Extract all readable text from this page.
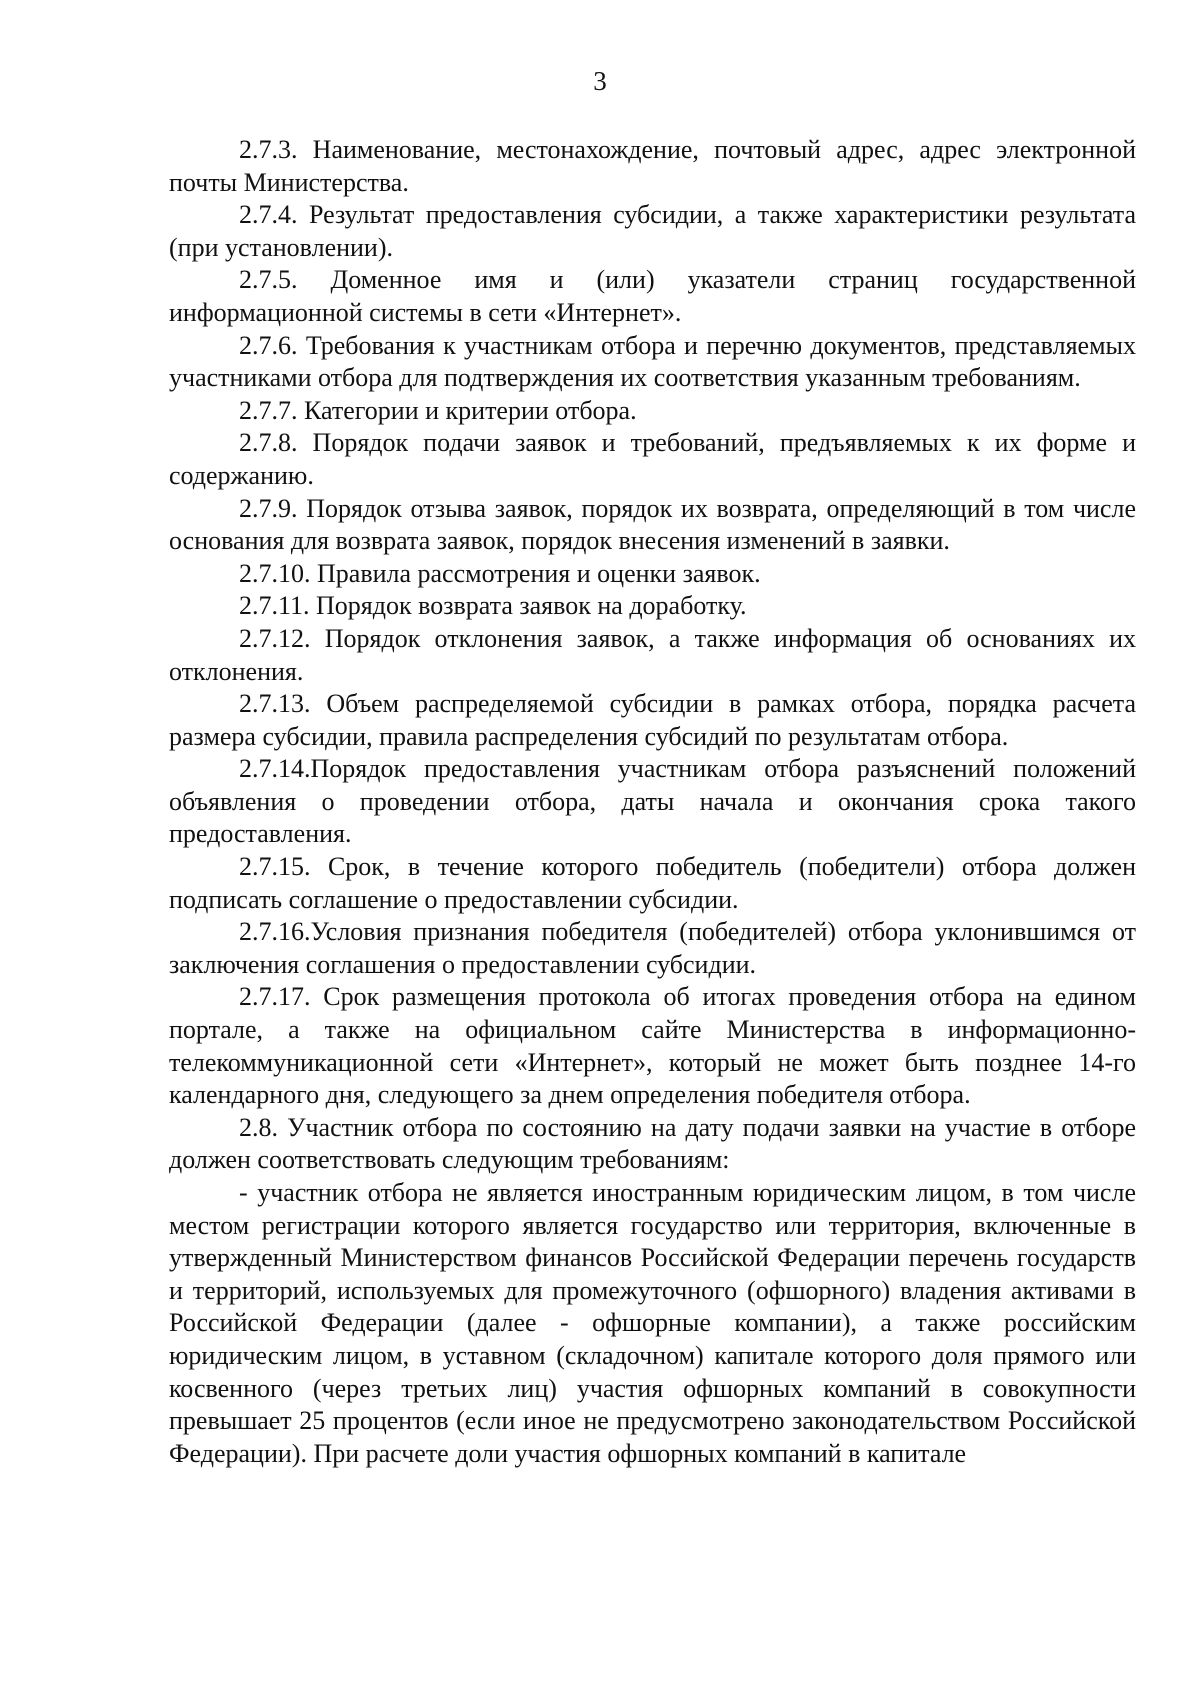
3

2.7.3. Наименование, местонахождение, почтовый адрес, адрес электронной почты Министерства.

2.7.4. Результат предоставления субсидии, а также характеристики результата (при установлении).

2.7.5. Доменное имя и (или) указатели страниц государственной информационной системы в сети «Интернет».

2.7.6. Требования к участникам отбора и перечню документов, представляемых участниками отбора для подтверждения их соответствия указанным требованиям.

2.7.7. Категории и критерии отбора.

2.7.8. Порядок подачи заявок и требований, предъявляемых к их форме и содержанию.

2.7.9. Порядок отзыва заявок, порядок их возврата, определяющий в том числе основания для возврата заявок, порядок внесения изменений в заявки.

2.7.10. Правила рассмотрения и оценки заявок.

2.7.11. Порядок возврата заявок на доработку.

2.7.12. Порядок отклонения заявок, а также информация об основаниях их отклонения.

2.7.13. Объем распределяемой субсидии в рамках отбора, порядка расчета размера субсидии, правила распределения субсидий по результатам отбора.

2.7.14.Порядок предоставления участникам отбора разъяснений положений объявления о проведении отбора, даты начала и окончания срока такого предоставления.

2.7.15. Срок, в течение которого победитель (победители) отбора должен подписать соглашение о предоставлении субсидии.

2.7.16.Условия признания победителя (победителей) отбора уклонившимся от заключения соглашения о предоставлении субсидии.

2.7.17. Срок размещения протокола об итогах проведения отбора на едином портале, а также на официальном сайте Министерства в информационно-телекоммуникационной сети «Интернет», который не может быть позднее 14-го календарного дня, следующего за днем определения победителя отбора.

2.8. Участник отбора по состоянию на дату подачи заявки на участие в отборе должен соответствовать следующим требованиям:

- участник отбора не является иностранным юридическим лицом, в том числе местом регистрации которого является государство или территория, включенные в утвержденный Министерством финансов Российской Федерации перечень государств и территорий, используемых для промежуточного (офшорного) владения активами в Российской Федерации (далее - офшорные компании), а также российским юридическим лицом, в уставном (складочном) капитале которого доля прямого или косвенного (через третьих лиц) участия офшорных компаний в совокупности превышает 25 процентов (если иное не предусмотрено законодательством Российской Федерации). При расчете доли участия офшорных компаний в капитале
